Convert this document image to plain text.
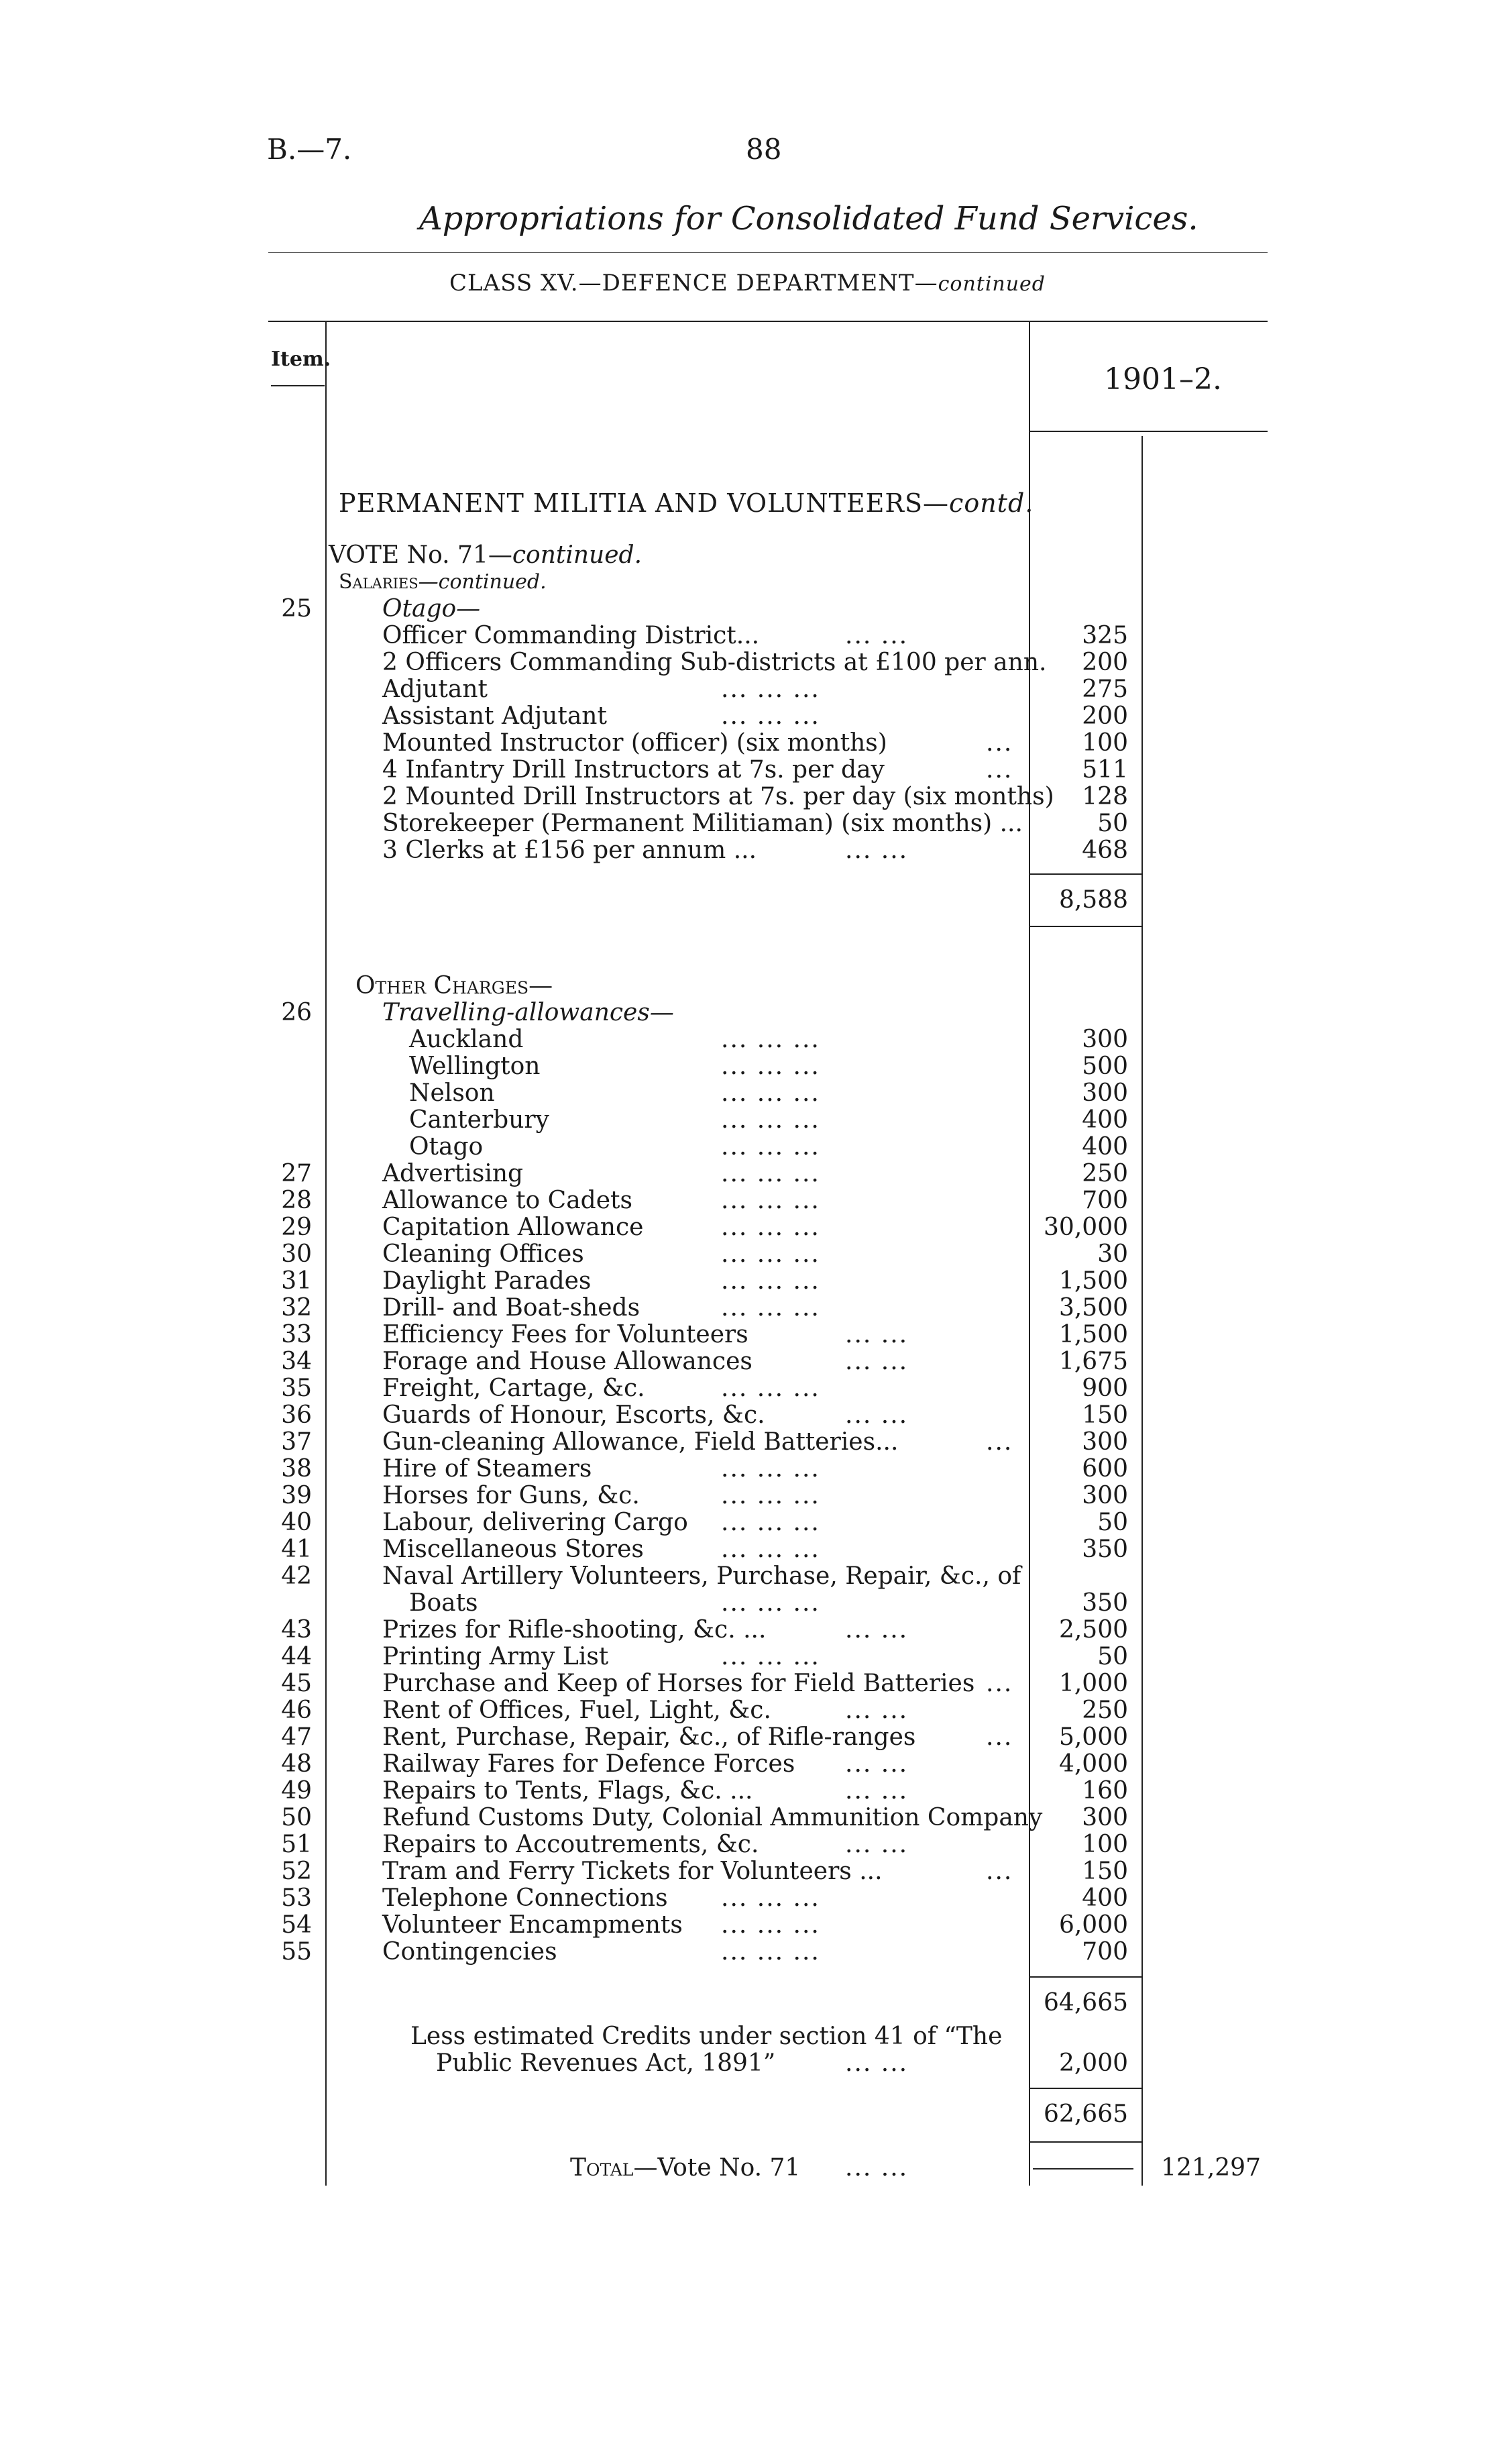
B.—7.	88
Appropriations for Consolidated Fund Services.
CLASS XV.—DEFENCE DEPARTMENT—continued
Item.
1901–2.
PERMANENT MILITIA AND VOLUNTEERS—contd.
VOTE No. 71—continued.
Salaries—continued.
25	Otago—
Officer Commanding District...	... ...	325
2 Officers Commanding Sub-districts at £100 per ann.	200
Adjutant	... ... ...	275
Assistant Adjutant	... ... ...	200
Mounted Instructor (officer) (six months)	...	100
4 Infantry Drill Instructors at 7s. per day	...	511
2 Mounted Drill Instructors at 7s. per day (six months)	128
Storekeeper (Permanent Militiaman) (six months) ...	50
3 Clerks at £156 per annum ...	... ...	468
8,588
Other Charges—
26	Travelling-allowances—
Auckland	... ... ...	300
Wellington	... ... ...	500
Nelson	... ... ...	300
Canterbury	... ... ...	400
Otago	... ... ...	400
27	Advertising	... ... ...	250
28	Allowance to Cadets	... ... ...	700
29	Capitation Allowance	... ... ...	30,000
30	Cleaning Offices	... ... ...	30
31	Daylight Parades	... ... ...	1,500
32	Drill- and Boat-sheds	... ... ...	3,500
33	Efficiency Fees for Volunteers	... ...	1,500
34	Forage and House Allowances	... ...	1,675
35	Freight, Cartage, &c.	... ... ...	900
36	Guards of Honour, Escorts, &c.	... ...	150
37	Gun-cleaning Allowance, Field Batteries...	...	300
38	Hire of Steamers	... ... ...	600
39	Horses for Guns, &c.	... ... ...	300
40	Labour, delivering Cargo ... ... ...	50
41	Miscellaneous Stores	... ... ...	350
42	Naval Artillery Volunteers, Purchase, Repair, &c., of
Boats	... ... ...	350
43	Prizes for Rifle-shooting, &c. ...	... ...	2,500
44	Printing Army List	... ... ...	50
45	Purchase and Keep of Horses for Field Batteries ...	1,000
46	Rent of Offices, Fuel, Light, &c.	... ...	250
47	Rent, Purchase, Repair, &c., of Rifle-ranges	...	5,000
48	Railway Fares for Defence Forces ... ...	4,000
49	Repairs to Tents, Flags, &c. ...	... ...	160
50	Refund Customs Duty, Colonial Ammunition Company	300
51	Repairs to Accoutrements, &c.	... ...	100
52	Tram and Ferry Tickets for Volunteers ...	...	150
53	Telephone Connections ... ... ...	400
54	Volunteer Encampments ... ... ...	6,000
55	Contingencies	... ... ...	700
64,665
Less estimated Credits under section 41 of “The
Public Revenues Act, 1891”	... ...	2,000
62,665
Total—Vote No. 71 ... ...	121,297
